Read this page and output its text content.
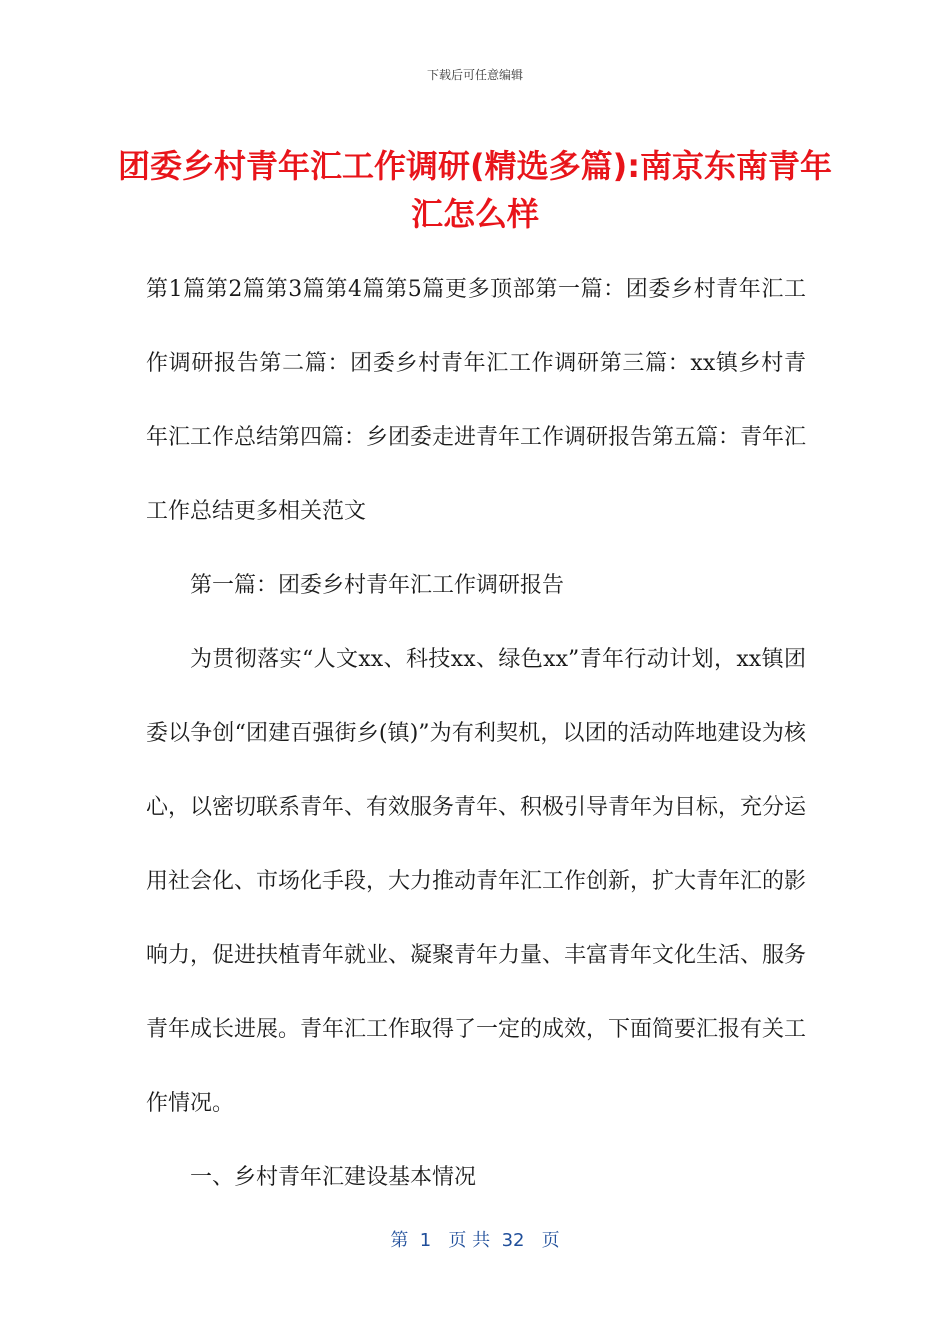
下载后可任意编辑
团委乡村青年汇工作调研(精选多篇):南京东南青年汇怎么样

第1篇第2篇第3篇第4篇第5篇更多顶部第一篇：团委乡村青年汇工作调研报告第二篇：团委乡村青年汇工作调研第三篇：xx镇乡村青年汇工作总结第四篇：乡团委走进青年工作调研报告第五篇：青年汇工作总结更多相关范文

第一篇：团委乡村青年汇工作调研报告

为贯彻落实“人文xx、科技xx、绿色xx”青年行动计划，xx镇团委以争创“团建百强街乡(镇)”为有利契机，以团的活动阵地建设为核心，以密切联系青年、有效服务青年、积极引导青年为目标，充分运用社会化、市场化手段，大力推动青年汇工作创新，扩大青年汇的影响力，促进扶植青年就业、凝聚青年力量、丰富青年文化生活、服务青年成长进展。青年汇工作取得了一定的成效，下面简要汇报有关工作情况。

一、乡村青年汇建设基本情况

第  1   页 共  32   页
